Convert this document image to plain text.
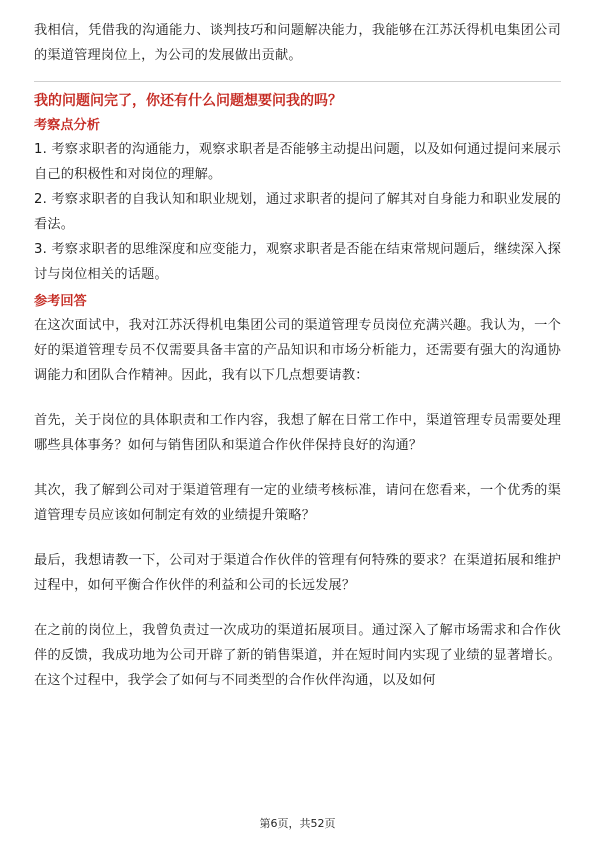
我相信，凭借我的沟通能力、谈判技巧和问题解决能力，我能够在江苏沃得机电集团公司的渠道管理岗位上，为公司的发展做出贡献。

我的问题问完了，你还有什么问题想要问我的吗？

考察点分析

1. 考察求职者的沟通能力，观察求职者是否能够主动提出问题，以及如何通过提问来展示自己的积极性和对岗位的理解。

2. 考察求职者的自我认知和职业规划，通过求职者的提问了解其对自身能力和职业发展的看法。

3. 考察求职者的思维深度和应变能力，观察求职者是否能在结束常规问题后，继续深入探讨与岗位相关的话题。

参考回答

在这次面试中，我对江苏沃得机电集团公司的渠道管理专员岗位充满兴趣。我认为，一个好的渠道管理专员不仅需要具备丰富的产品知识和市场分析能力，还需要有强大的沟通协调能力和团队合作精神。因此，我有以下几点想要请教：

首先，关于岗位的具体职责和工作内容，我想了解在日常工作中，渠道管理专员需要处理哪些具体事务？如何与销售团队和渠道合作伙伴保持良好的沟通？

其次，我了解到公司对于渠道管理有一定的业绩考核标准，请问在您看来，一个优秀的渠道管理专员应该如何制定有效的业绩提升策略？

最后，我想请教一下，公司对于渠道合作伙伴的管理有何特殊的要求？在渠道拓展和维护过程中，如何平衡合作伙伴的利益和公司的长远发展？

在之前的岗位上，我曾负责过一次成功的渠道拓展项目。通过深入了解市场需求和合作伙伴的反馈，我成功地为公司开辟了新的销售渠道，并在短时间内实现了业绩的显著增长。在这个过程中，我学会了如何与不同类型的合作伙伴沟通，以及如何

第6页，共52页
